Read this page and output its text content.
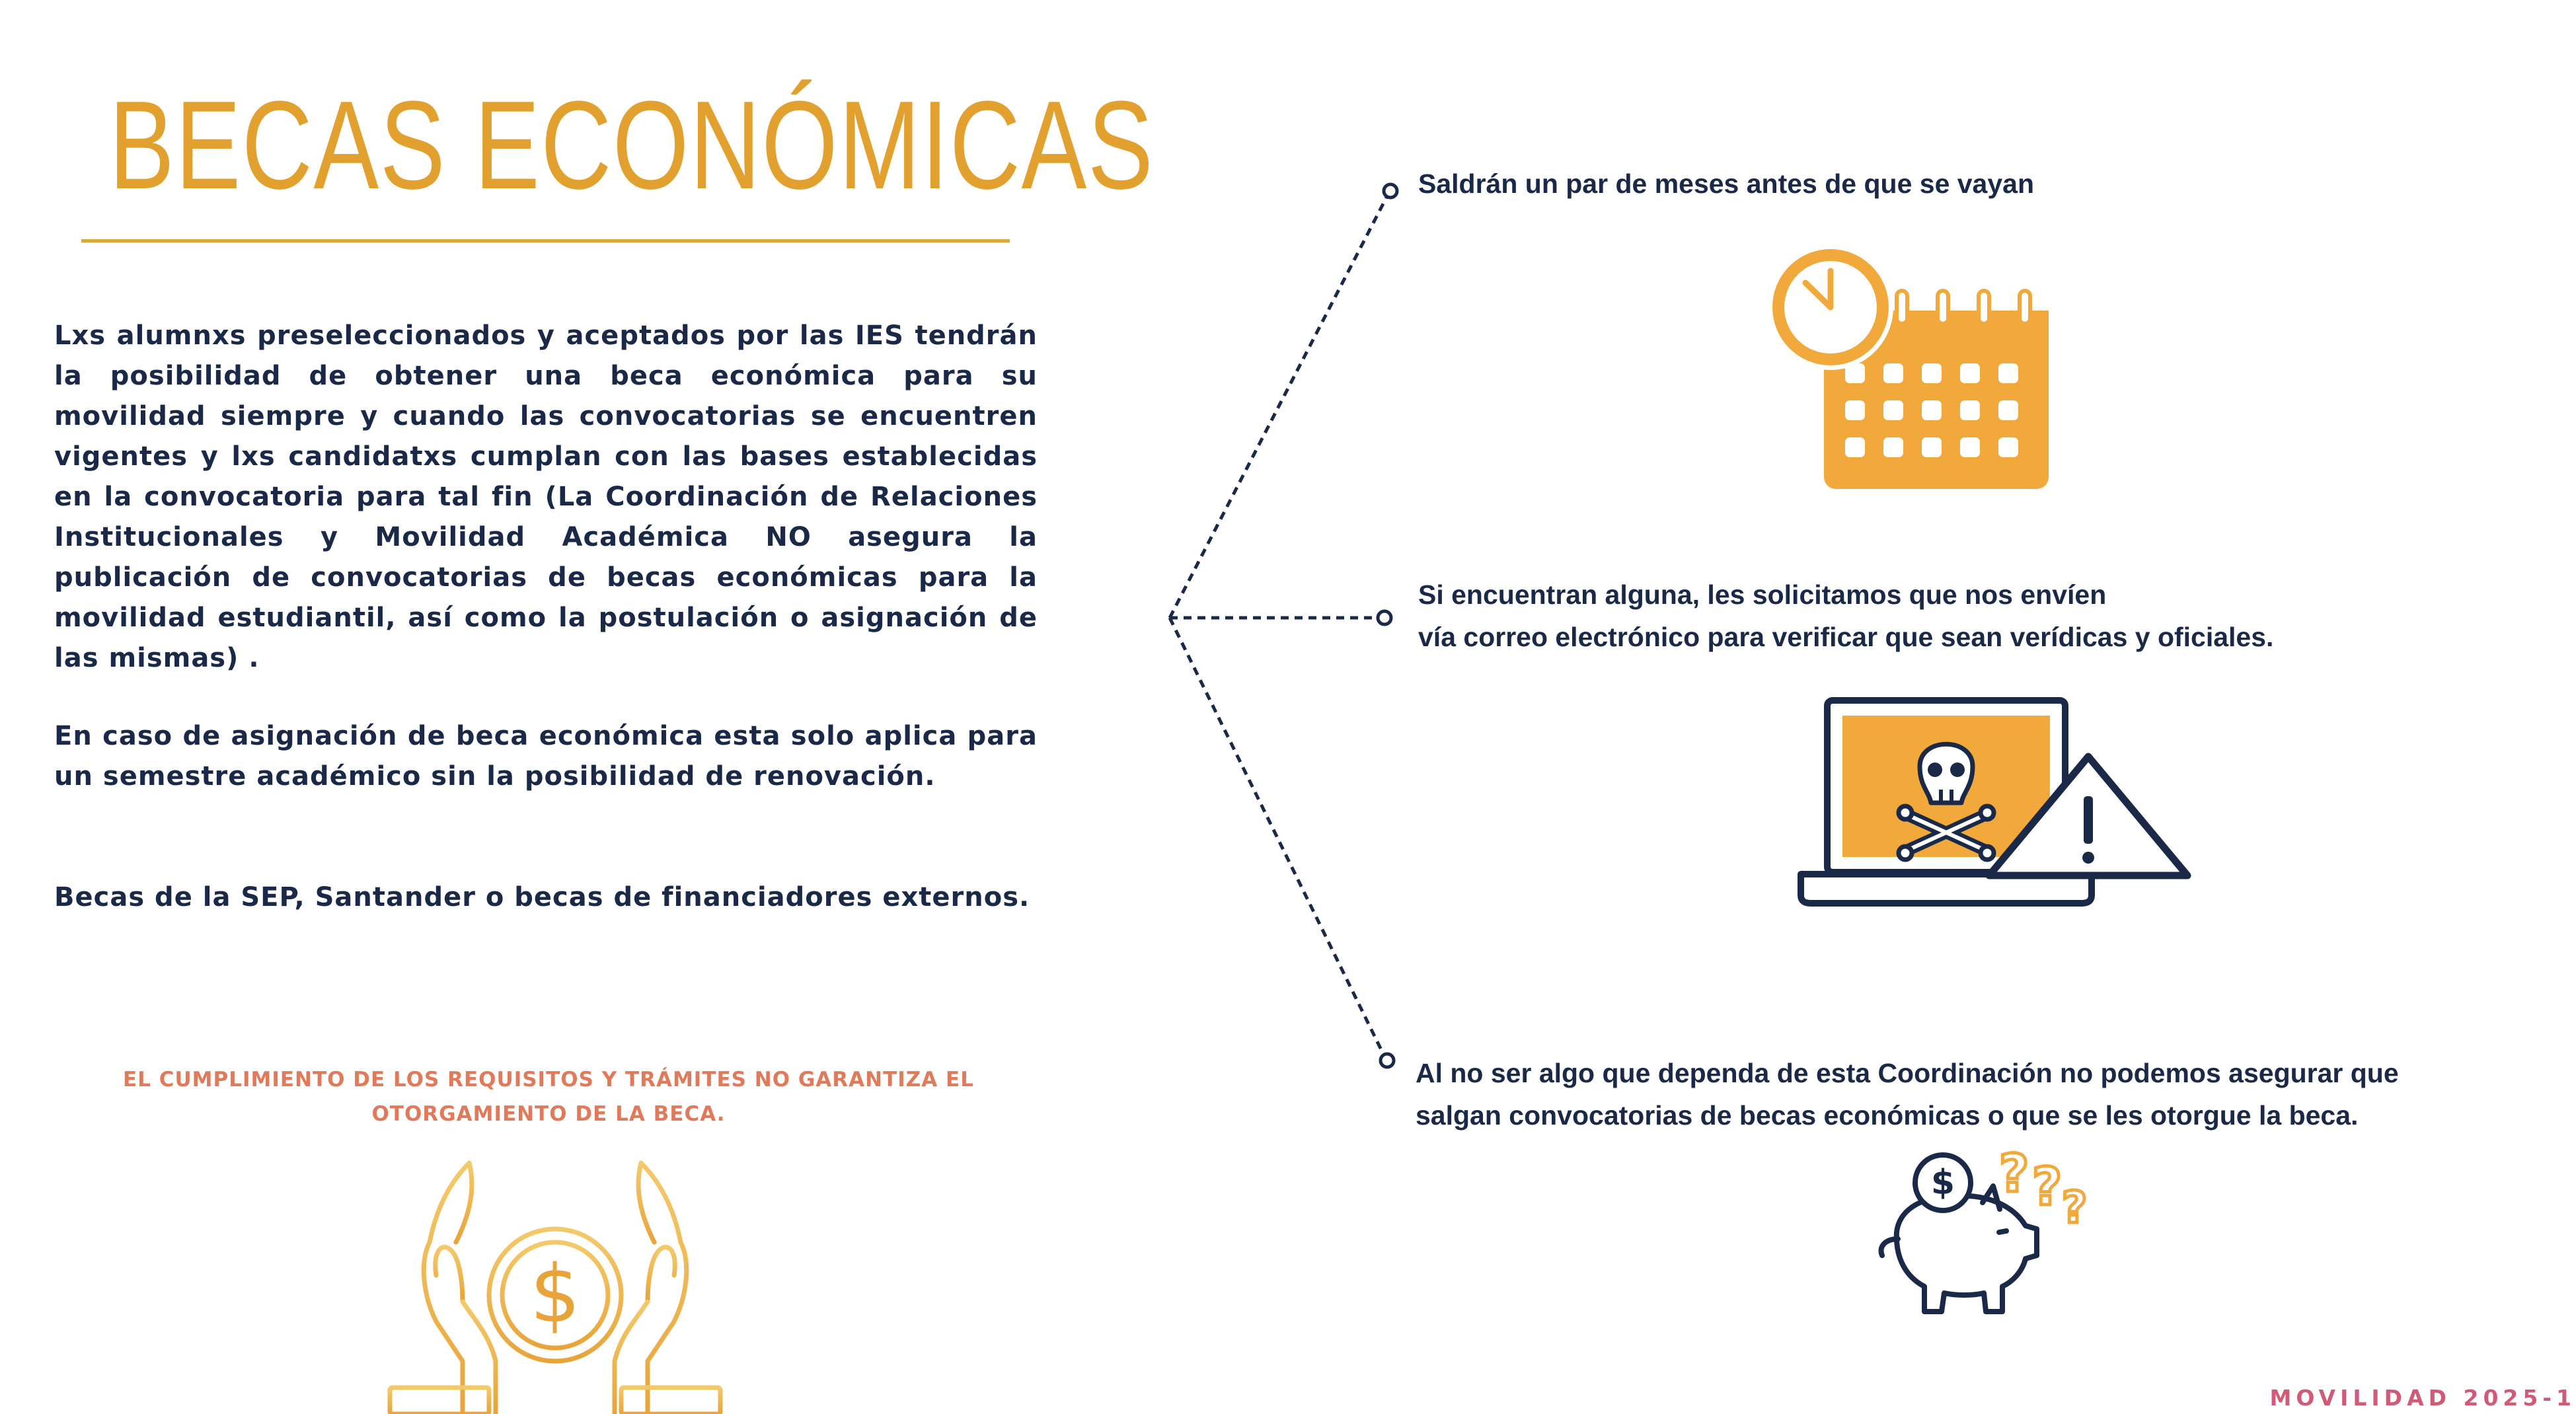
BECAS ECONÓMICAS
Lxs alumnxs preseleccionados y aceptados por las IES tendrán la posibilidad de obtener una beca económica para su movilidad siempre y cuando las convocatorias se encuentren vigentes y lxs candidatxs cumplan con las bases establecidas en la convocatoria para tal fin (La Coordinación de Relaciones Institucionales y Movilidad Académica NO asegura la publicación de convocatorias de becas económicas para la movilidad estudiantil, así como la postulación o asignación de las mismas) .
En caso de asignación de beca económica esta solo aplica para un semestre académico sin la posibilidad de renovación.
Becas de la SEP, Santander o becas de financiadores externos.
EL CUMPLIMIENTO DE LOS REQUISITOS Y TRÁMITES NO GARANTIZA EL
OTORGAMIENTO DE LA BECA.
$
Saldrán un par de meses antes de que se vayan
Si encuentran alguna, les solicitamos que nos envíen
vía correo electrónico para verificar que sean verídicas y oficiales.
Al no ser algo que dependa de esta Coordinación no podemos asegurar que
salgan convocatorias de becas económicas o que se les otorgue la beca.
$ ? ? ?
MOVILIDAD 2025-1
